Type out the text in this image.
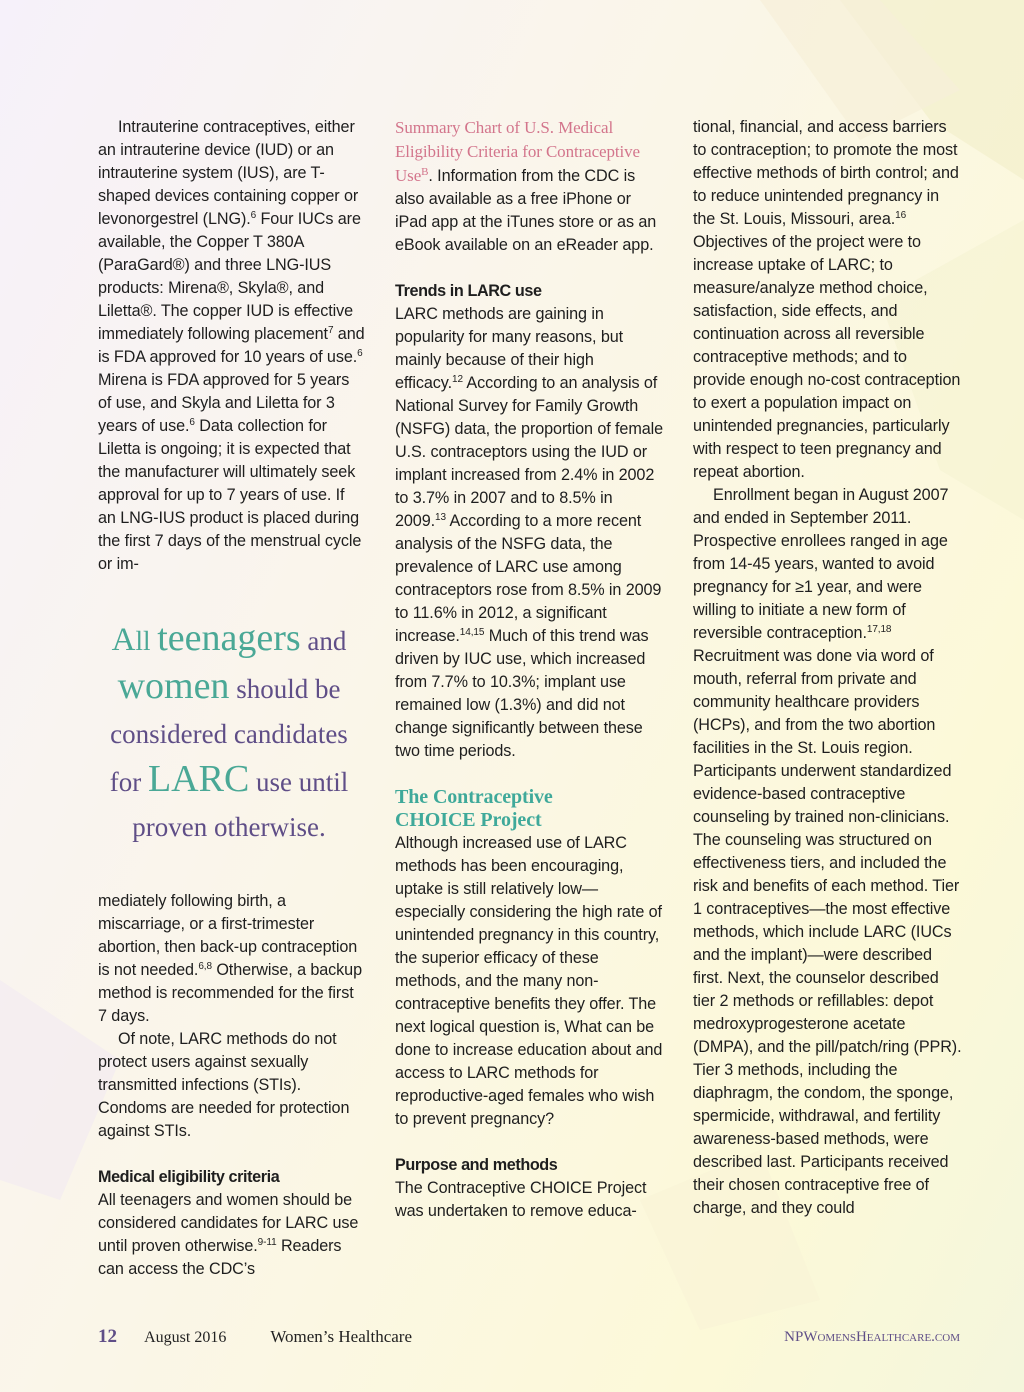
Intrauterine contraceptives, either an intrauterine device (IUD) or an intrauterine system (IUS), are T-shaped devices containing copper or levonorgestrel (LNG).$^6$ Four IUCs are available, the Copper T 380A (ParaGard®) and three LNG-IUS products: Mirena®, Skyla®, and Liletta®. The copper IUD is effective immediately following placement$^7$ and is FDA approved for 10 years of use.$^6$ Mirena is FDA approved for 5 years of use, and Skyla and Liletta for 3 years of use.$^6$ Data collection for Liletta is ongoing; it is expected that the manufacturer will ultimately seek approval for up to 7 years of use. If an LNG-IUS product is placed during the first 7 days of the menstrual cycle or im-

All teenagers and
women should be
considered candidates
for LARC use until
proven otherwise.

mediately following birth, a miscarriage, or a first-trimester abortion, then back-up contraception is not needed.$^{6,8}$ Otherwise, a backup method is recommended for the first 7 days.

Of note, LARC methods do not protect users against sexually transmitted infections (STIs). Condoms are needed for protection against STIs.

Medical eligibility criteria

All teenagers and women should be considered candidates for LARC use until proven otherwise.$^{9-11}$ Readers can access the CDC’s

Summary Chart of U.S. Medical Eligibility Criteria for Contraceptive Use$^B$. Information from the CDC is also available as a free iPhone or iPad app at the iTunes store or as an eBook available on an eReader app.

Trends in LARC use

LARC methods are gaining in popularity for many reasons, but mainly because of their high efficacy.$^{12}$ According to an analysis of National Survey for Family Growth (NSFG) data, the proportion of female U.S. contraceptors using the IUD or implant increased from 2.4% in 2002 to 3.7% in 2007 and to 8.5% in 2009.13 According to a more recent analysis of the NSFG data, the prevalence of LARC use among contraceptors rose from 8.5% in 2009 to 11.6% in 2012, a significant increase.$^{14,15}$ Much of this trend was driven by IUC use, which increased from 7.7% to 10.3%; implant use remained low (1.3%) and did not change significantly between these two time periods.

The Contraceptive
CHOICE Project

Although increased use of LARC methods has been encouraging, uptake is still relatively low—especially considering the high rate of unintended pregnancy in this country, the superior efficacy of these methods, and the many non-contraceptive benefits they offer. The next logical question is, What can be done to increase education about and access to LARC methods for reproductive-aged females who wish to prevent pregnancy?

Purpose and methods

The Contraceptive CHOICE Project was undertaken to remove educa-

tional, financial, and access barriers to contraception; to promote the most effective methods of birth control; and to reduce unintended pregnancy in the St. Louis, Missouri, area.$^{16}$ Objectives of the project were to increase uptake of LARC; to measure/analyze method choice, satisfaction, side effects, and continuation across all reversible contraceptive methods; and to provide enough no-cost contraception to exert a population impact on unintended pregnancies, particularly with respect to teen pregnancy and repeat abortion.

Enrollment began in August 2007 and ended in September 2011. Prospective enrollees ranged in age from 14-45 years, wanted to avoid pregnancy for ≥1 year, and were willing to initiate a new form of reversible contraception.$^{17,18}$ Recruitment was done via word of mouth, referral from private and community healthcare providers (HCPs), and from the two abortion facilities in the St. Louis region. Participants underwent standardized evidence-based contraceptive counseling by trained non-clinicians. The counseling was structured on effectiveness tiers, and included the risk and benefits of each method. Tier 1 contraceptives—the most effective methods, which include LARC (IUCs and the implant)—were described first. Next, the counselor described tier 2 methods or refillables: depot medroxyprogesterone acetate (DMPA), and the pill/patch/ring (PPR). Tier 3 methods, including the diaphragm, the condom, the sponge, spermicide, withdrawal, and fertility awareness-based methods, were described last. Participants received their chosen contraceptive free of charge, and they could

12 August 2016	Women’s Healthcare	NPWomensHealthcare.com
